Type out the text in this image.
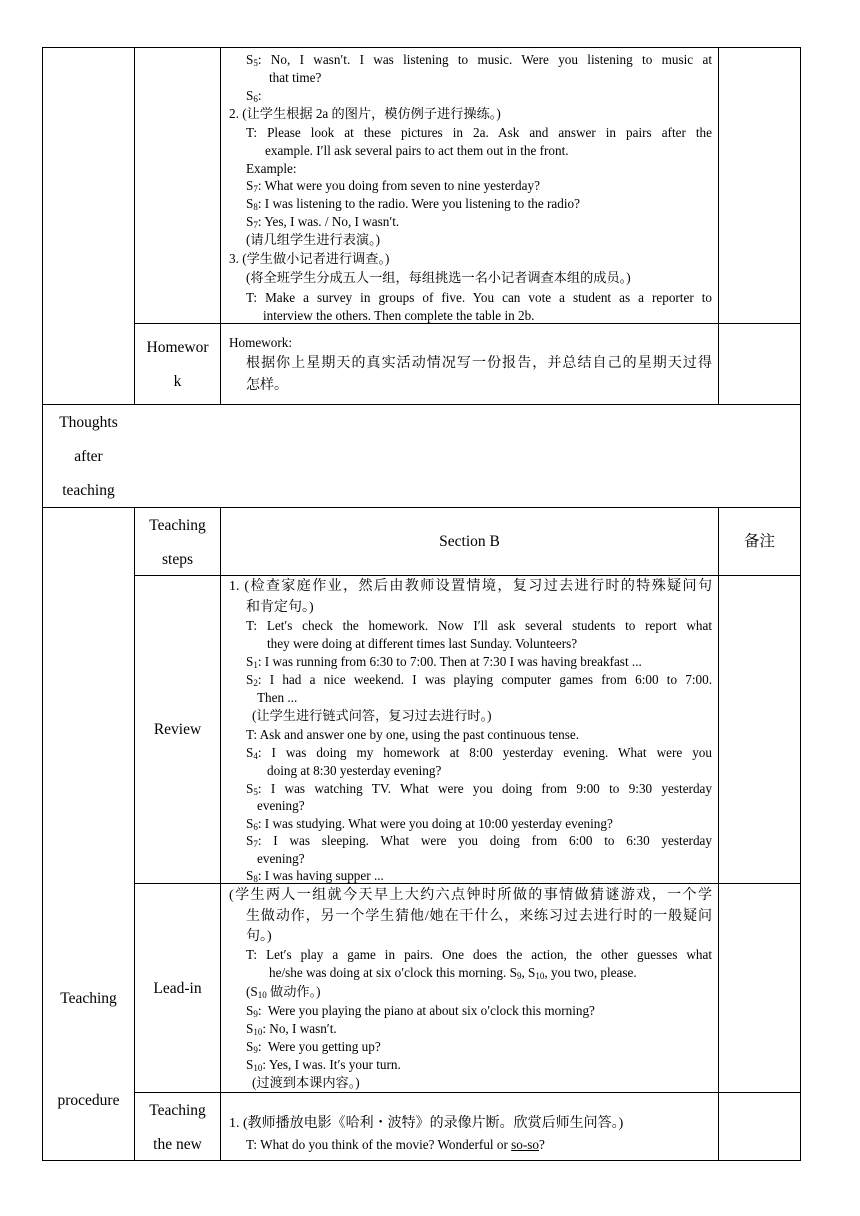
$S_5$: No, I wasn′t. I was listening to music. Were you listening to music at
that time?
$S_6$:
2. (让学生根据 2a 的图片，模仿例子进行操练。)
T: Please look at these pictures in 2a. Ask and answer in pairs after the
example. I′ll ask several pairs to act them out in the front.
Example:
$S_7$: What were you doing from seven to nine yesterday?
$S_8$: I was listening to the radio. Were you listening to the radio?
$S_7$: Yes, I was. / No, I wasn′t.
(请几组学生进行表演。)
3. (学生做小记者进行调查。)
(将全班学生分成五人一组，每组挑选一名小记者调查本组的成员。)
T: Make a survey in groups of five. You can vote a student as a reporter to
interview the others. Then complete the table in 2b.
Homewor
k
Homework:
根据你上星期天的真实活动情况写一份报告，并总结自己的星期天过得
怎样。
Thoughts
after
teaching
Teaching
steps
Section B	备注
Teaching
procedure
Review
1. (检查家庭作业，然后由教师设置情境，复习过去进行时的特殊疑问句
和肯定句。)
T: Let′s check the homework. Now I′ll ask several students to report what
they were doing at different times last Sunday. Volunteers?
$S_1$: I was running from 6:30 to 7:00. Then at 7:30 I was having breakfast ...
$S_2$: I had a nice weekend. I was playing computer games from 6:00 to 7:00.
Then ...
(让学生进行链式问答，复习过去进行时。)
T: Ask and answer one by one, using the past continuous tense.
$S_4$: I was doing my homework at 8:00 yesterday evening. What were you
doing at 8:30 yesterday evening?
$S_5$: I was watching TV. What were you doing from 9:00 to 9:30 yesterday
evening?
$S_6$: I was studying. What were you doing at 10:00 yesterday evening?
$S_7$: I was sleeping. What were you doing from 6:00 to 6:30 yesterday
evening?
$S_8$: I was having supper ...
Lead-in
(学生两人一组就今天早上大约六点钟时所做的事情做猜谜游戏，一个学
生做动作，另一个学生猜他/她在干什么，来练习过去进行时的一般疑问
句。)
T: Let′s play a game in pairs. One does the action, the other guesses what
he/she was doing at six o′clock this morning. $S_9$, $S_{10}$, you two, please.
($S_{10}$ 做动作。)
$S_9$:  Were you playing the piano at about six o′clock this morning?
$S_{10}$: No, I wasn′t.
$S_9$:  Were you getting up?
$S_{10}$: Yes, I was. It′s your turn.
(过渡到本课内容。)
Teaching
the new
1. (教师播放电影《哈利・波特》的录像片断。欣赏后师生问答。)
T: What do you think of the movie? Wonderful or so-so?
